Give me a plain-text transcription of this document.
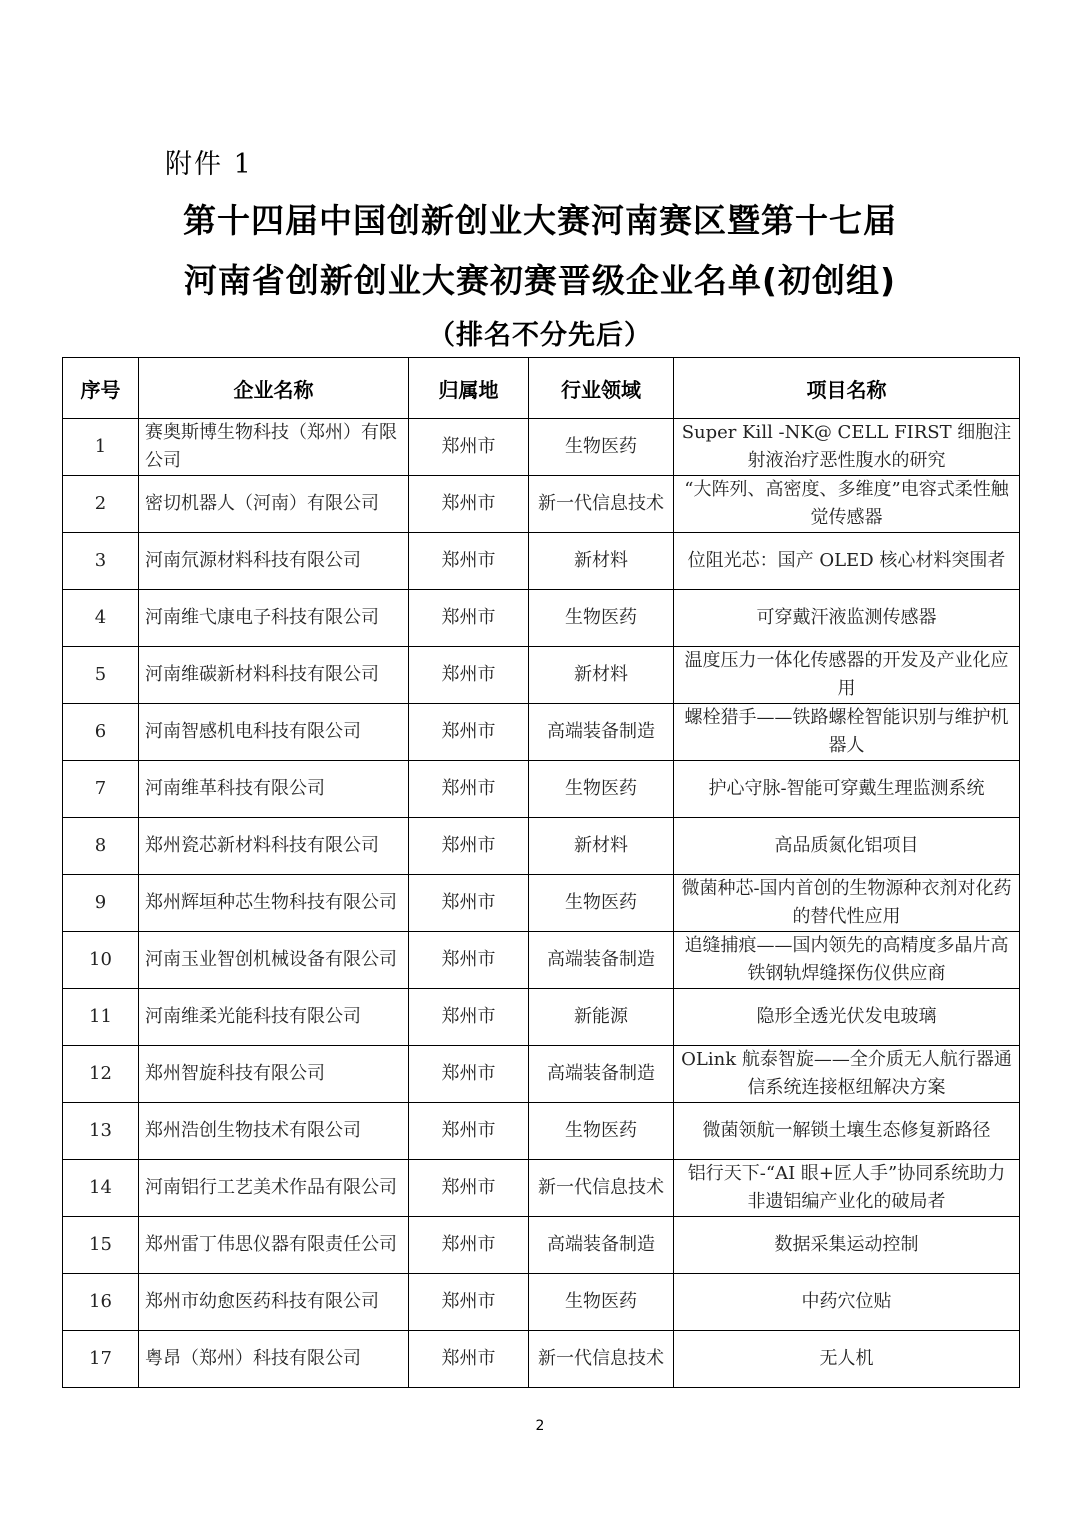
附件 1
第十四届中国创新创业大赛河南赛区暨第十七届
河南省创新创业大赛初赛晋级企业名单(初创组)
（排名不分先后）
序号	企业名称	归属地	行业领域	项目名称
1	赛奥斯博生物科技（郑州）有限公司	郑州市	生物医药	Super Kill -NK@ CELL FIRST 细胞注射液治疗恶性腹水的研究
2	密切机器人（河南）有限公司	郑州市	新一代信息技术	“大阵列、高密度、多维度”电容式柔性触觉传感器
3	河南氘源材料科技有限公司	郑州市	新材料	位阻光芯：国产 OLED 核心材料突围者
4	河南维弋康电子科技有限公司	郑州市	生物医药	可穿戴汗液监测传感器
5	河南维碳新材料科技有限公司	郑州市	新材料	温度压力一体化传感器的开发及产业化应用
6	河南智感机电科技有限公司	郑州市	高端装备制造	螺栓猎手——铁路螺栓智能识别与维护机器人
7	河南维革科技有限公司	郑州市	生物医药	护心守脉-智能可穿戴生理监测系统
8	郑州瓷芯新材料科技有限公司	郑州市	新材料	高品质氮化铝项目
9	郑州辉垣种芯生物科技有限公司	郑州市	生物医药	微菌种芯-国内首创的生物源种衣剂对化药的替代性应用
10	河南玉业智创机械设备有限公司	郑州市	高端装备制造	追缝捕痕——国内领先的高精度多晶片高铁钢轨焊缝探伤仪供应商
11	河南维柔光能科技有限公司	郑州市	新能源	隐形全透光伏发电玻璃
12	郑州智旋科技有限公司	郑州市	高端装备制造	OLink 航泰智旋——全介质无人航行器通信系统连接枢纽解决方案
13	郑州浩创生物技术有限公司	郑州市	生物医药	微菌领航一解锁土壤生态修复新路径
14	河南铝行工艺美术作品有限公司	郑州市	新一代信息技术	铝行天下-“AI 眼+匠人手”协同系统助力非遗铝编产业化的破局者
15	郑州雷丁伟思仪器有限责任公司	郑州市	高端装备制造	数据采集运动控制
16	郑州市幼愈医药科技有限公司	郑州市	生物医药	中药穴位贴
17	粤昂（郑州）科技有限公司	郑州市	新一代信息技术	无人机
2
